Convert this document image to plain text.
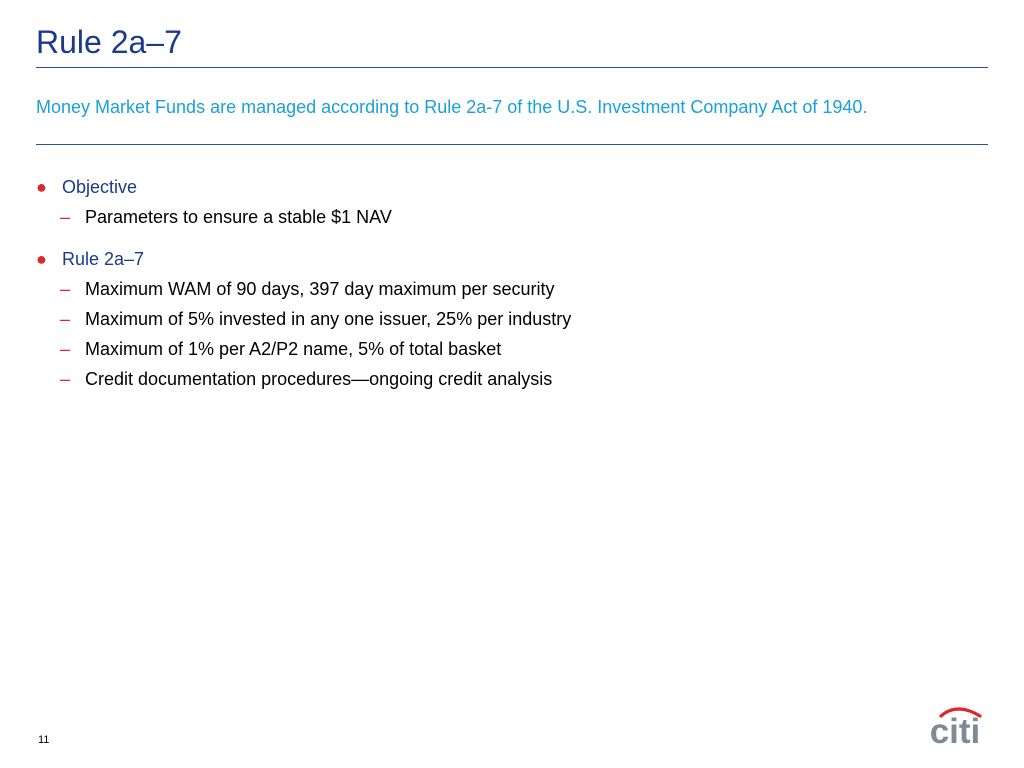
Rule 2a–7
Money Market Funds are managed according to Rule 2a-7 of the U.S. Investment Company Act of 1940.
● Objective
– Parameters to ensure a stable $1 NAV
● Rule 2a–7
– Maximum WAM of 90 days, 397 day maximum per security
– Maximum of 5% invested in any one issuer, 25% per industry
– Maximum of 1% per A2/P2 name, 5% of total basket
– Credit documentation procedures—ongoing credit analysis
11	citi
